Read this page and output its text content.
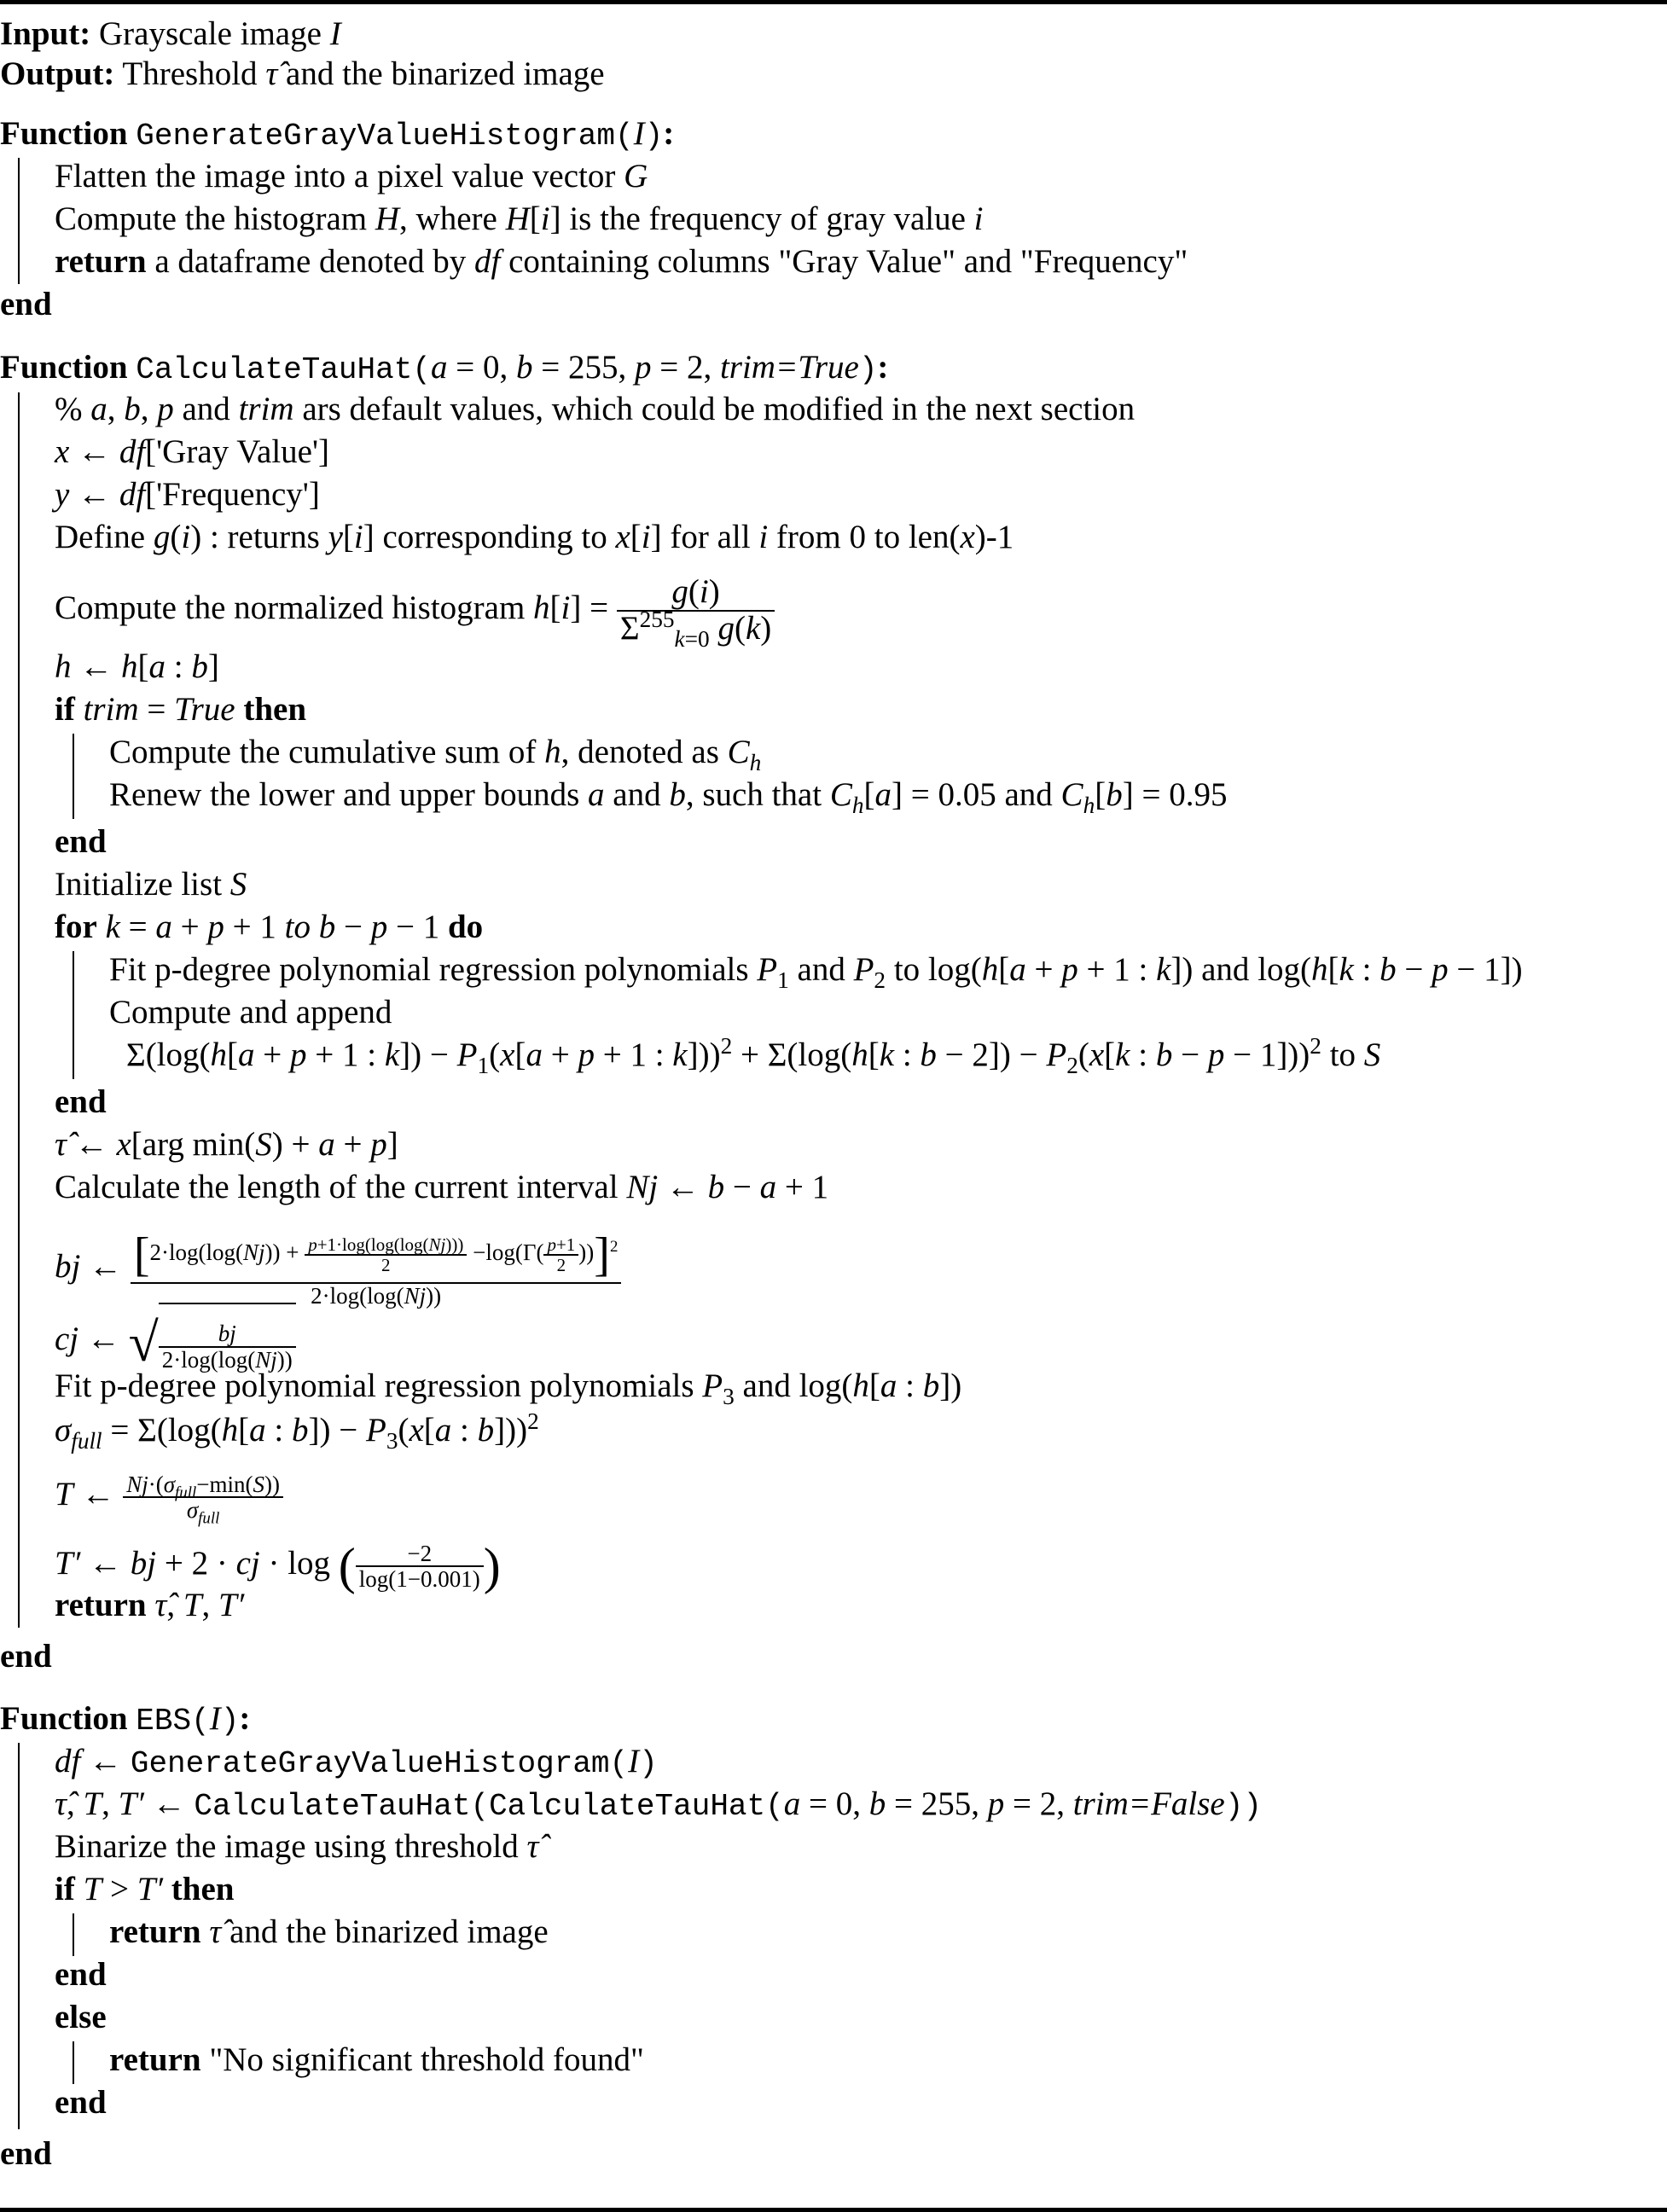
Input: Grayscale image I
Output: Threshold τ̂ and the binarized image
Function GenerateGrayValueHistogram(I):
Flatten the image into a pixel value vector G
Compute the histogram H, where H[i] is the frequency of gray value i
return a dataframe denoted by df containing columns "Gray Value" and "Frequency"
end
Function CalculateTauHat(a = 0, b = 255, p = 2, trim=True):
% a, b, p and trim ars default values, which could be modified in the next section
x ← df['Gray Value']
y ← df['Frequency']
Define g(i) : returns y[i] corresponding to x[i] for all i from 0 to len(x)-1
Compute the normalized histogram $h[i] = \frac{g(i)}{\Sigma^{255}_{k=0} g(k)}$
h ← h[a : b]
if trim = True then
Compute the cumulative sum of h, denoted as $C_h$
Renew the lower and upper bounds a and b, such that $C_h[a] = 0.05$ and $C_h[b] = 0.95$
end
Initialize list S
for k = a + p + 1 to b − p − 1 do
Fit p-degree polynomial regression polynomials $P_1$ and $P_2$ to log(h[a + p + 1 : k]) and log(h[k : b − p − 1])
Compute and append
Σ(log(h[a + p + 1 : $k]) - P_1(x[a + p + 1$ : k]))$^2$ + Σ(log(h[k : $b - 2]) - P_2(x[k$ : b − p − 1]))$^2$ to S
end
τ̂ ← x[arg min(S) + a + p]
Calculate the length of the current interval Nj ← b − a + 1
bj ← $[2\cdot\log(\log(Nj)) + \frac{p+1\cdot\log(\log(\log(Nj)))}{2} -\log(\Gamma( \frac{p+1}{2} ))]^2$
2·log(log(Nj))
cj ← √ $\frac{bj}{2\cdot\log(\log(Nj))}$
Fit p-degree polynomial regression polynomials $P_3$ and log(h[a : b])
$\sigma_{full} = \Sigma(\log(h[a$ : $b]) - P_3(x[a$ : b]))$^2$
T ← $\frac{Nj\cdot(\sigma_{full}-\min(S))}{\sigma_{full}}$
T′ ← bj + 2 · cj · log ( $\frac{-2}{\log(1-0.001)}$ )
return τ̂, T, T′
end
Function EBS(I):
df ← GenerateGrayValueHistogram(I)
τ̂, T, T′ ← CalculateTauHat(CalculateTauHat(a = 0, b = 255, p = 2, trim=False))
Binarize the image using threshold τ̂
if T > T′ then
return τ̂ and the binarized image
end
else
return "No significant threshold found"
end
end
